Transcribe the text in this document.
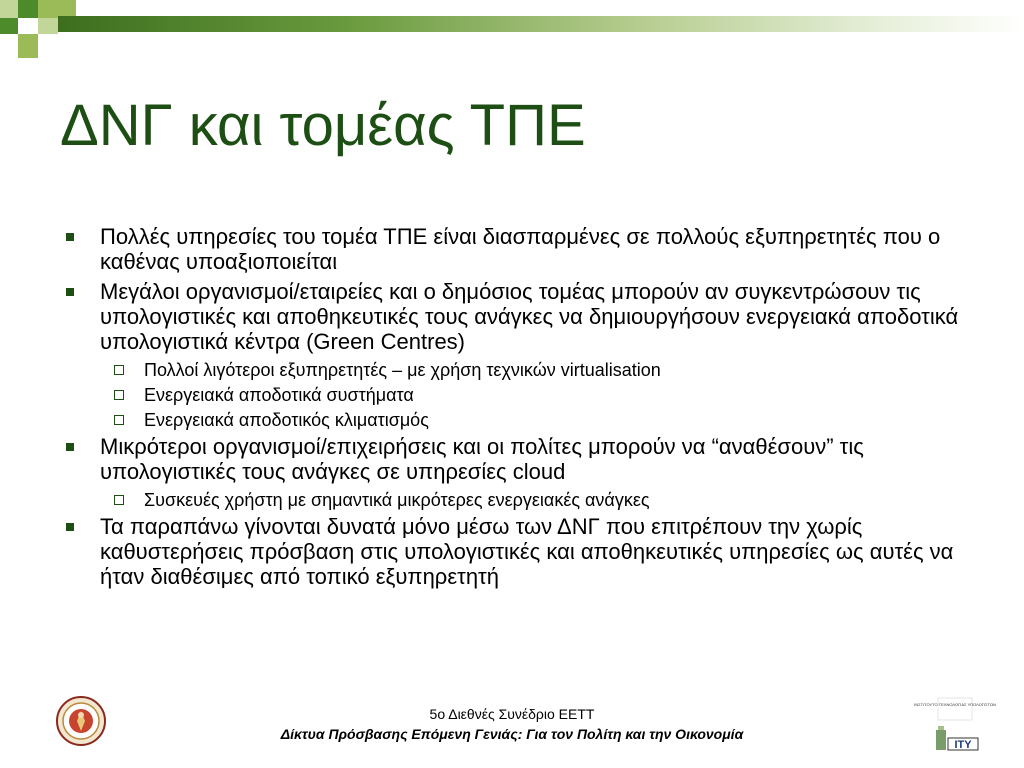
ΔΝΓ και τομέας ΤΠΕ
Πολλές υπηρεσίες του τομέα ΤΠΕ είναι διασπαρμένες σε πολλούς εξυπηρετητές που ο καθένας υποαξιοποιείται
Μεγάλοι οργανισμοί/εταιρείες και ο δημόσιος τομέας μπορούν αν συγκεντρώσουν τις υπολογιστικές και αποθηκευτικές τους ανάγκες να δημιουργήσουν ενεργειακά αποδοτικά υπολογιστικά κέντρα (Green Centres)
Πολλοί λιγότεροι εξυπηρετητές – με χρήση τεχνικών virtualisation
Ενεργειακά αποδοτικά συστήματα
Ενεργειακά αποδοτικός κλιματισμός
Μικρότεροι οργανισμοί/επιχειρήσεις και οι πολίτες μπορούν να “αναθέσουν” τις υπολογιστικές τους ανάγκες σε υπηρεσίες cloud
Συσκευές χρήστη με σημαντικά μικρότερες ενεργειακές ανάγκες
Τα παραπάνω γίνονται δυνατά μόνο μέσω των ΔΝΓ που επιτρέπουν την χωρίς καθυστερήσεις πρόσβαση στις υπολογιστικές και αποθηκευτικές υπηρεσίες ως αυτές να ήταν διαθέσιμες από τοπικό εξυπηρετητή
ΙΝΣΤΙΤΟΥΤΟ ΤΕΧΝΟΛΟΓΙΑΣ ΥΠΟΛΟΓΙΣΤΩΝ
ITY
5ο Διεθνές Συνέδριο ΕΕΤΤ
Δίκτυα Πρόσβασης Επόμενη Γενιάς: Για τον Πολίτη και την Οικονομία
